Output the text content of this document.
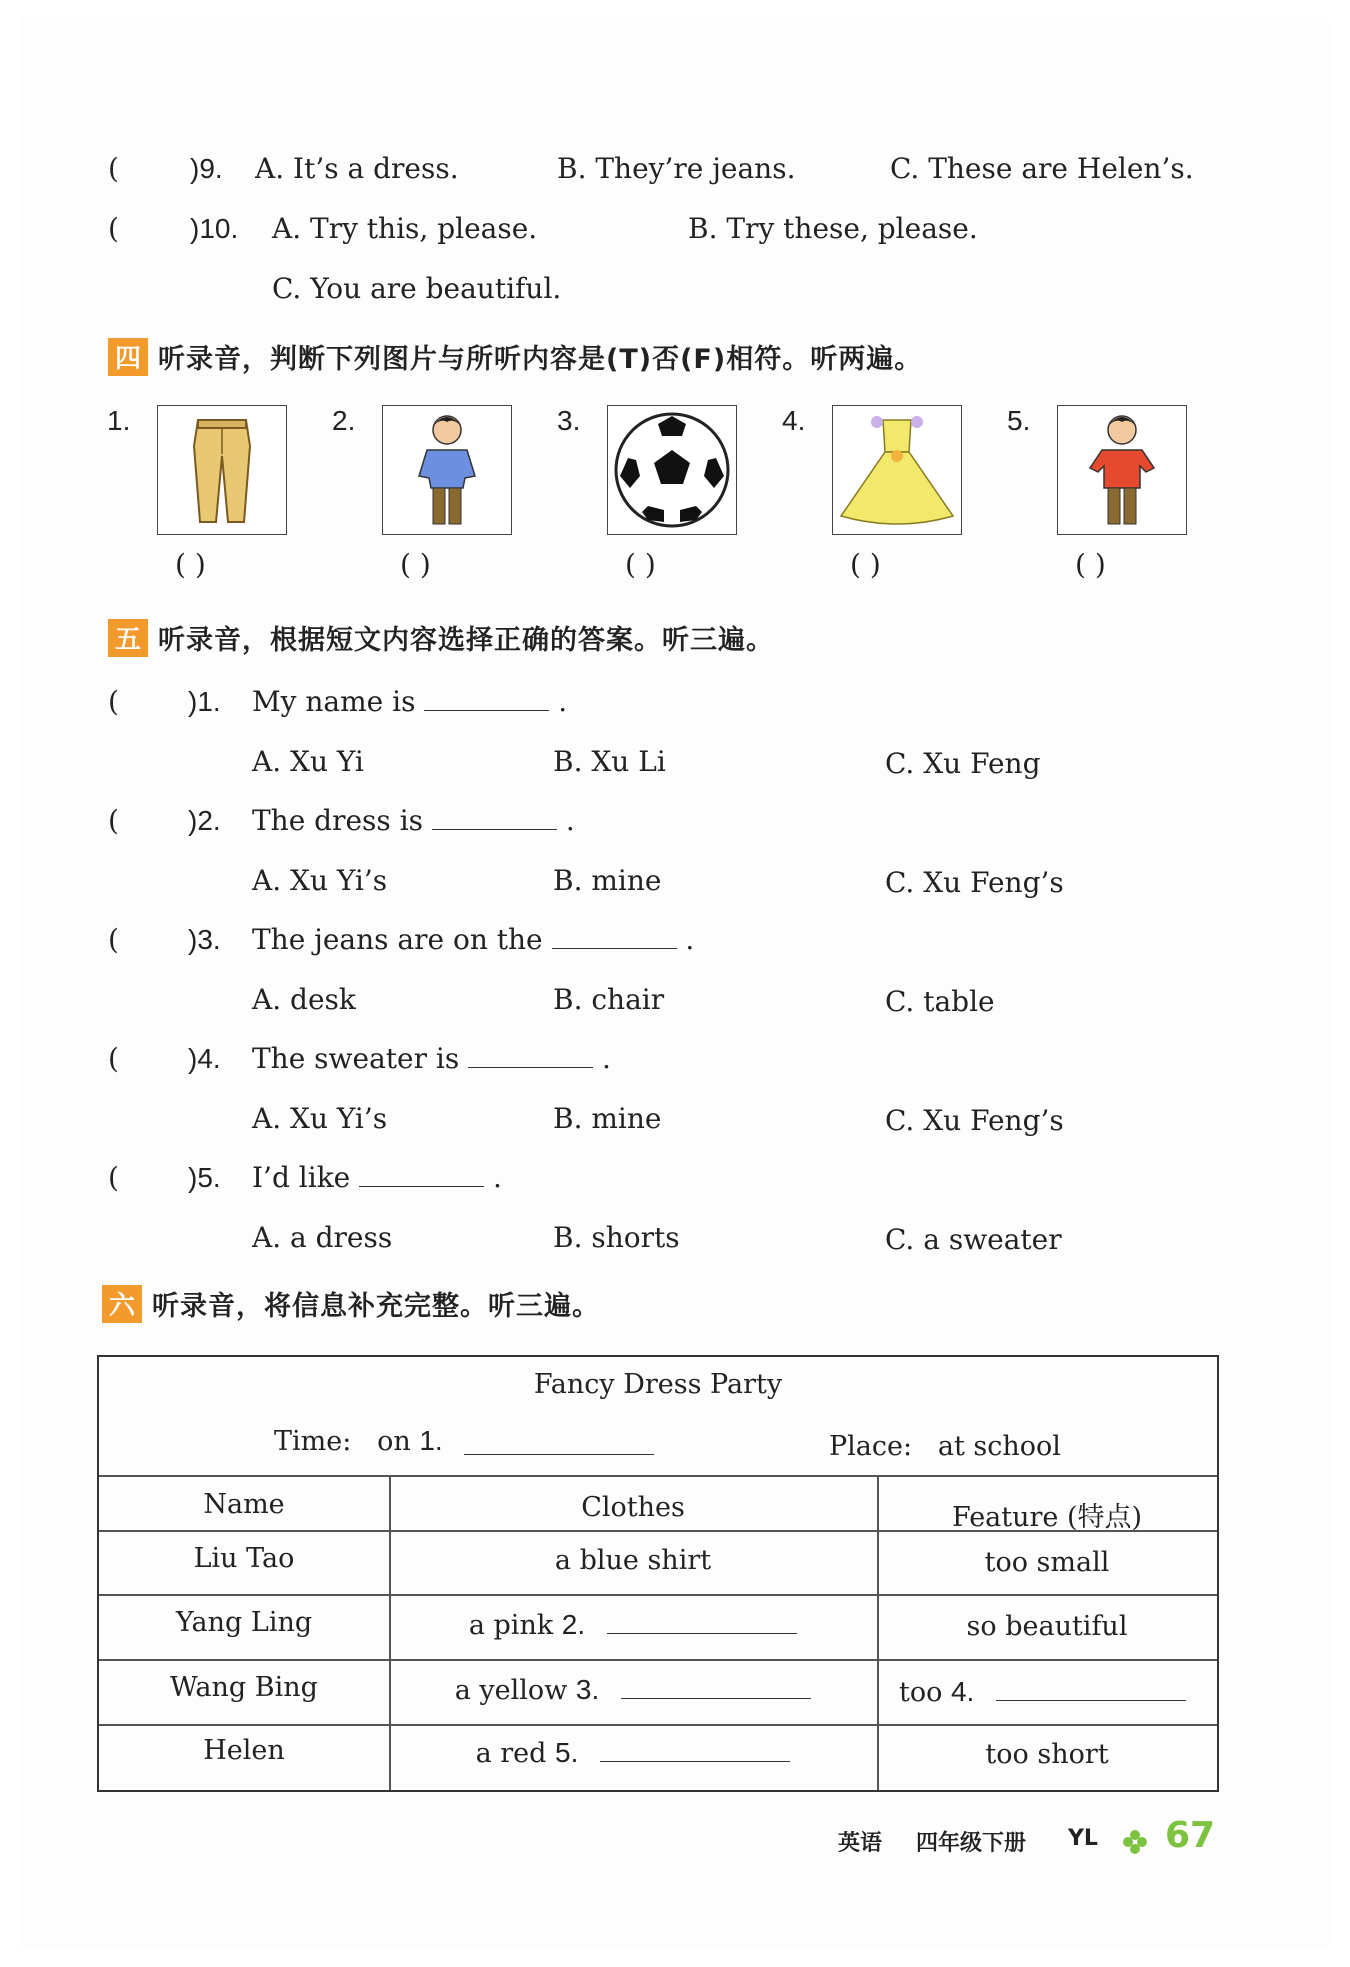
(	)9. A. It’s a dress.	B. They’re jeans.	C. These are Helen’s.
(	)10. A. Try this, please.	B. Try these, please.
C. You are beautiful.
四 听录音，判断下列图片与所听内容是(T)否(F)相符。听两遍。
1.
( )
2.
( )
3.
( )
4.
( )
5.
( )
五 听录音，根据短文内容选择正确的答案。听三遍。
( )1. My name is	.
A. Xu Yi	B. Xu Li	C. Xu Feng
( )2. The dress is	.
A. Xu Yi’s	B. mine	C. Xu Feng’s
( )3. The jeans are on the	.
A. desk	B. chair	C. table
( )4. The sweater is	.
A. Xu Yi’s	B. mine	C. Xu Feng’s
( )5. I’d like	.
A. a dress	B. shorts	C. a sweater
六 听录音，将信息补充完整。听三遍。
Fancy Dress Party
Time: on 1.	Place: at school
Name	Clothes	Feature (特点)
Liu Tao	a blue shirt	too small
Yang Ling	a pink 2.	so beautiful
Wang Bing	a yellow 3.	too 4.
Helen	a red 5.	too short
英语 四年级下册 YL 67
